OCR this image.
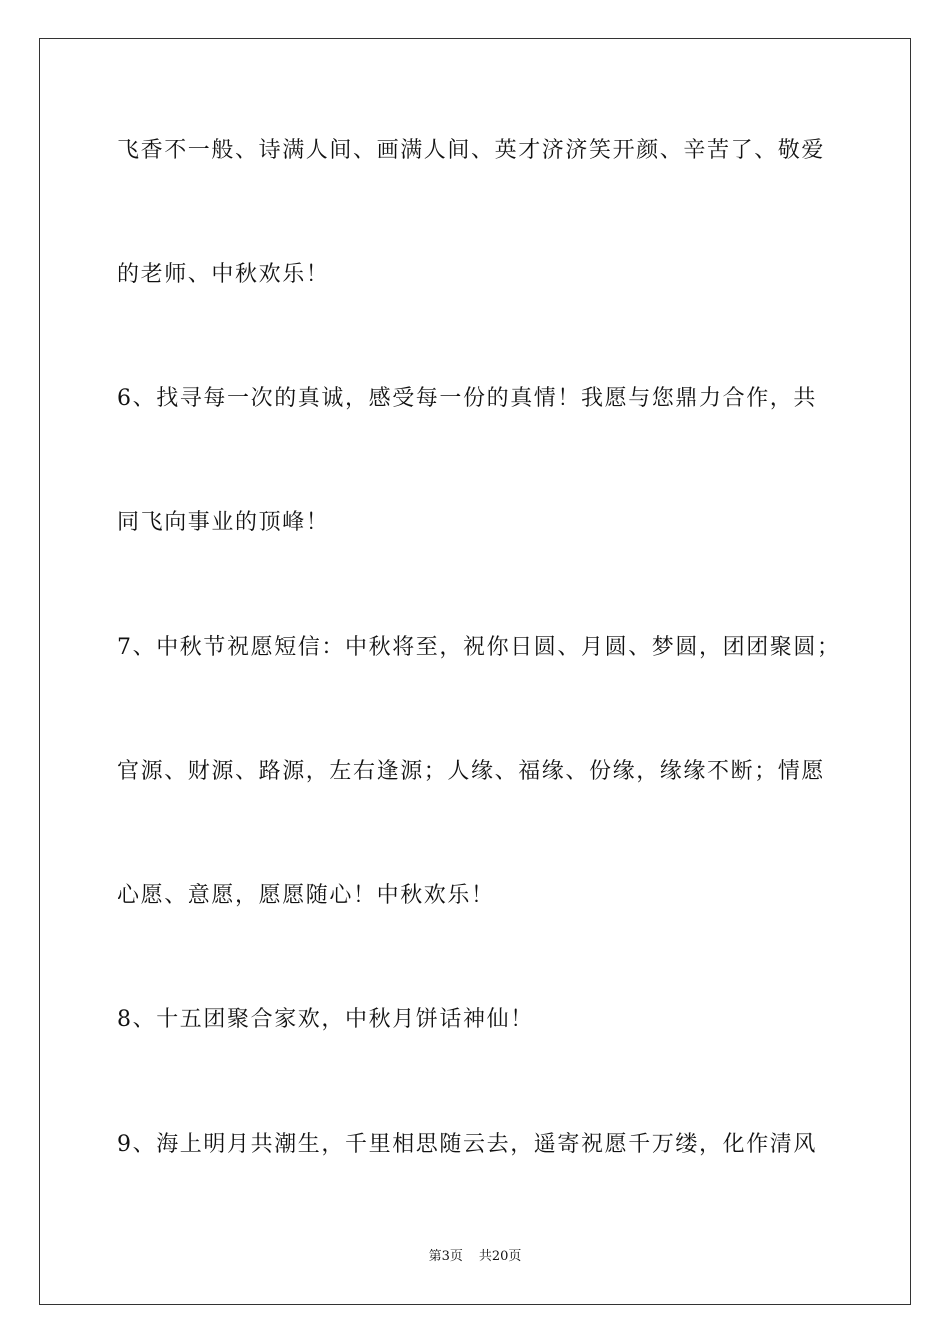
飞香不一般、诗满人间、画满人间、英才济济笑开颜、辛苦了、敬爱
的老师、中秋欢乐！
6、找寻每一次的真诚，感受每一份的真情！我愿与您鼎力合作，共
同飞向事业的顶峰！
7、中秋节祝愿短信：中秋将至，祝你日圆、月圆、梦圆，团团聚圆；
官源、财源、路源，左右逢源；人缘、福缘、份缘，缘缘不断；情愿
心愿、意愿，愿愿随心！中秋欢乐！
8、十五团聚合家欢，中秋月饼话神仙！
9、海上明月共潮生，千里相思随云去，遥寄祝愿千万缕，化作清风
第3页 共20页
